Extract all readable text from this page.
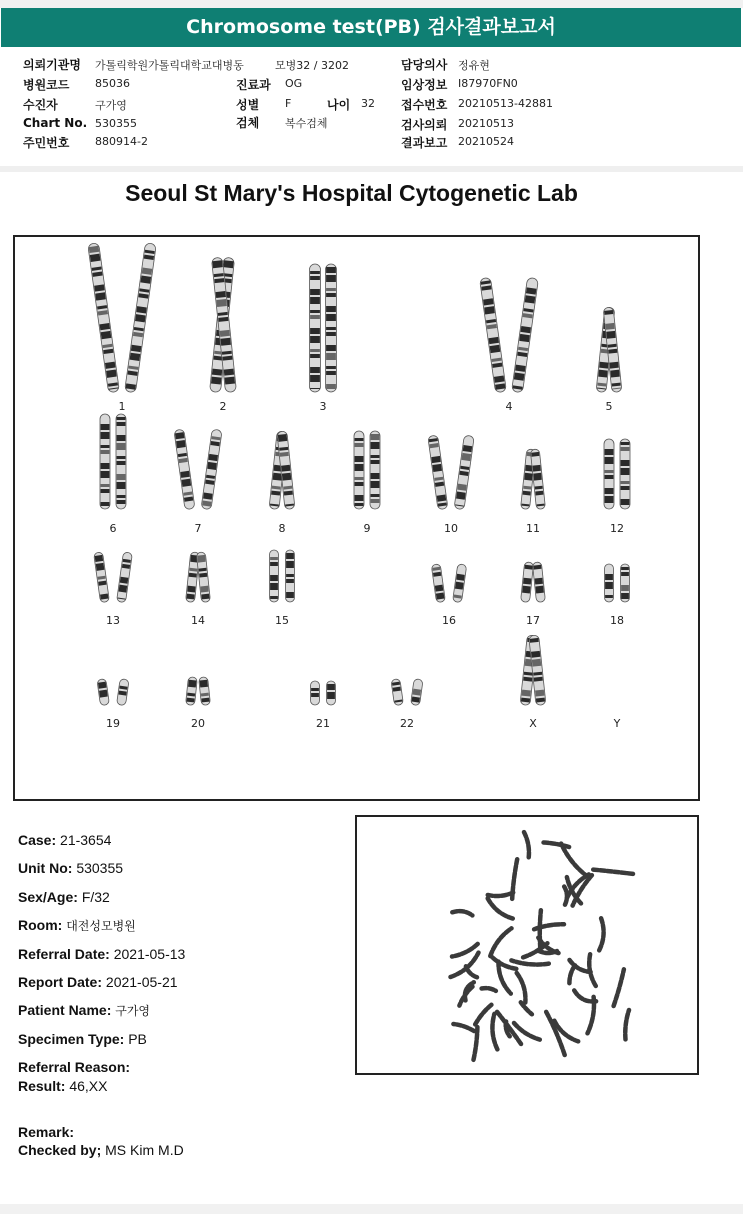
Chromosome test(PB) 검사결과보고서
의뢰기관명 가톨릭학원가톨릭대학교대병동	모병32 / 3202	담당의사 정유현
병원코드 85036	진료과 OG	임상정보 I87970FN0
수진자	구가영	성별 F	나이 32 접수번호 20210513-42881
Chart No. 530355	검체 복수검체	검사의뢰 20210513
주민번호 880914-2	결과보고 20210524
Seoul St Mary's Hospital Cytogenetic Lab
1	2	3	4	5
6	7	8	9	10	11	12
13	14	15	16	17	18
19	20	21	22	X	Y
Case: 21-3654
Unit No: 530355
Sex/Age: F/32
Room: 대전성모병원
Referral Date: 2021-05-13
Report Date: 2021-05-21
Patient Name: 구가영
Specimen Type: PB
Referral Reason:
Result: 46,XX
Remark:
Checked by; MS Kim M.D
